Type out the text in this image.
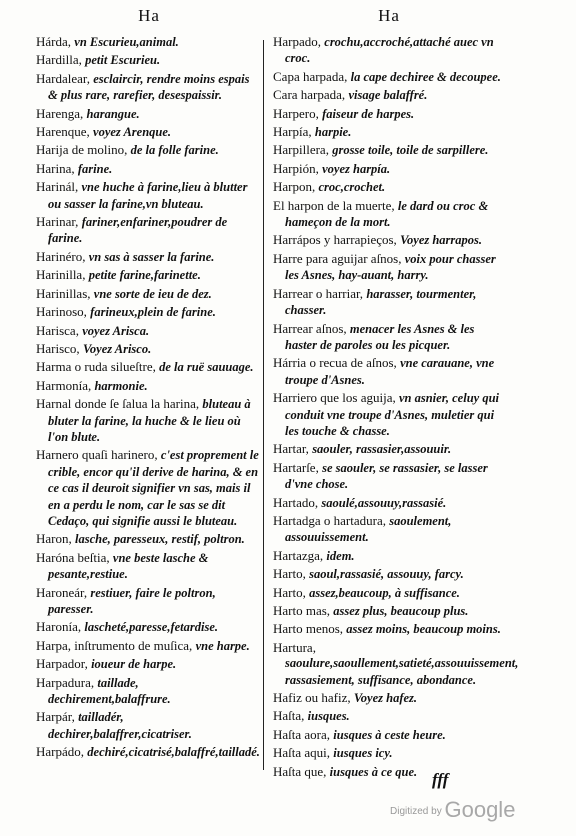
Ha
Hárda, vn Escurieu,animal.
Hardilla, petit Escurieu.
Hardalear, esclaircir, rendre moins espais & plus rare, rarefier, desespaissir.
Harenga, harangue.
Harenque, voyez Arenque.
Harija de molino, de la folle farine.
Harina, farine.
Harinál, vne huche à farine,lieu à blutter ou sasser la farine,vn bluteau.
Harinar, fariner,enfariner,poudrer de farine.
Harinéro, vn sas à sasser la farine.
Harinilla, petite farine,farinette.
Harinillas, vne sorte de ieu de dez.
Harinoso, farineux,plein de farine.
Harisca, voyez Arisca.
Harisco, Voyez Arisco.
Harma o ruda silueſtre, de la ruë sauuage.
Harmonía, harmonie.
Harnal donde ſe ſalua la harina, bluteau à bluter la farine, la huche & le lieu où l'on blute.
Harnero quaſi harinero, c'est proprement le crible, encor qu'il derive de harina, & en ce cas il deuroit signifier vn sas, mais il en a perdu le nom, car le sas se dit Cedaço, qui signifie aussi le bluteau.
Haron, lasche, paresseux, restif, poltron.
Haróna beſtia, vne beste lasche & pesante,restiue.
Haroneár, restiuer, faire le poltron, paresser.
Haronía, lascheté,paresse,fetardise.
Harpa, inſtrumento de muſica, vne harpe.
Harpador, ioueur de harpe.
Harpadura, taillade, dechirement,balaffrure.
Harpár, tailladér, dechirer,balaffrer,cicatriser.
Harpádo, dechiré,cicatrisé,balaffré,tailladé.
Ha
Harpado, crochu,accroché,attaché auec vn croc.
Capa harpada, la cape dechiree & decoupee.
Cara harpada, visage balaffré.
Harpero, faiseur de harpes.
Harpía, harpie.
Harpillera, grosse toile, toile de sarpillere.
Harpión, voyez harpía.
Harpon, croc,crochet.
El harpon de la muerte, le dard ou croc & hameçon de la mort.
Harrápos y harrapieços, Voyez harrapos.
Harre para aguijar aſnos, voix pour chasser les Asnes, hay-auant, harry.
Harrear o harriar, harasser, tourmenter, chasser.
Harrear aſnos, menacer les Asnes & les haster de paroles ou les picquer.
Hárria o recua de aſnos, vne carauane, vne troupe d'Asnes.
Harriero que los aguija, vn asnier, celuy qui conduit vne troupe d'Asnes, muletier qui les touche & chasse.
Hartar, saouler, rassasier,assouuir.
Hartarſe, se saouler, se rassasier, se lasser d'vne chose.
Hartado, saoulé,assouuy,rassasié.
Hartadga o hartadura, saoulement, assouuissement.
Hartazga, idem.
Harto, saoul,rassasié, assouuy, farcy.
Harto, assez,beaucoup, à suffisance.
Harto mas, assez plus, beaucoup plus.
Harto menos, assez moins, beaucoup moins.
Hartura, saoulure,saoullement,satieté,assouuissement, rassasiement, suffisance, abondance.
Hafiz ou hafiz, Voyez hafez.
Haſta, iusques.
Haſta aora, iusques à ceste heure.
Haſta aqui, iusques icy.
Haſta que, iusques à ce que. fff
Digitized by Google
